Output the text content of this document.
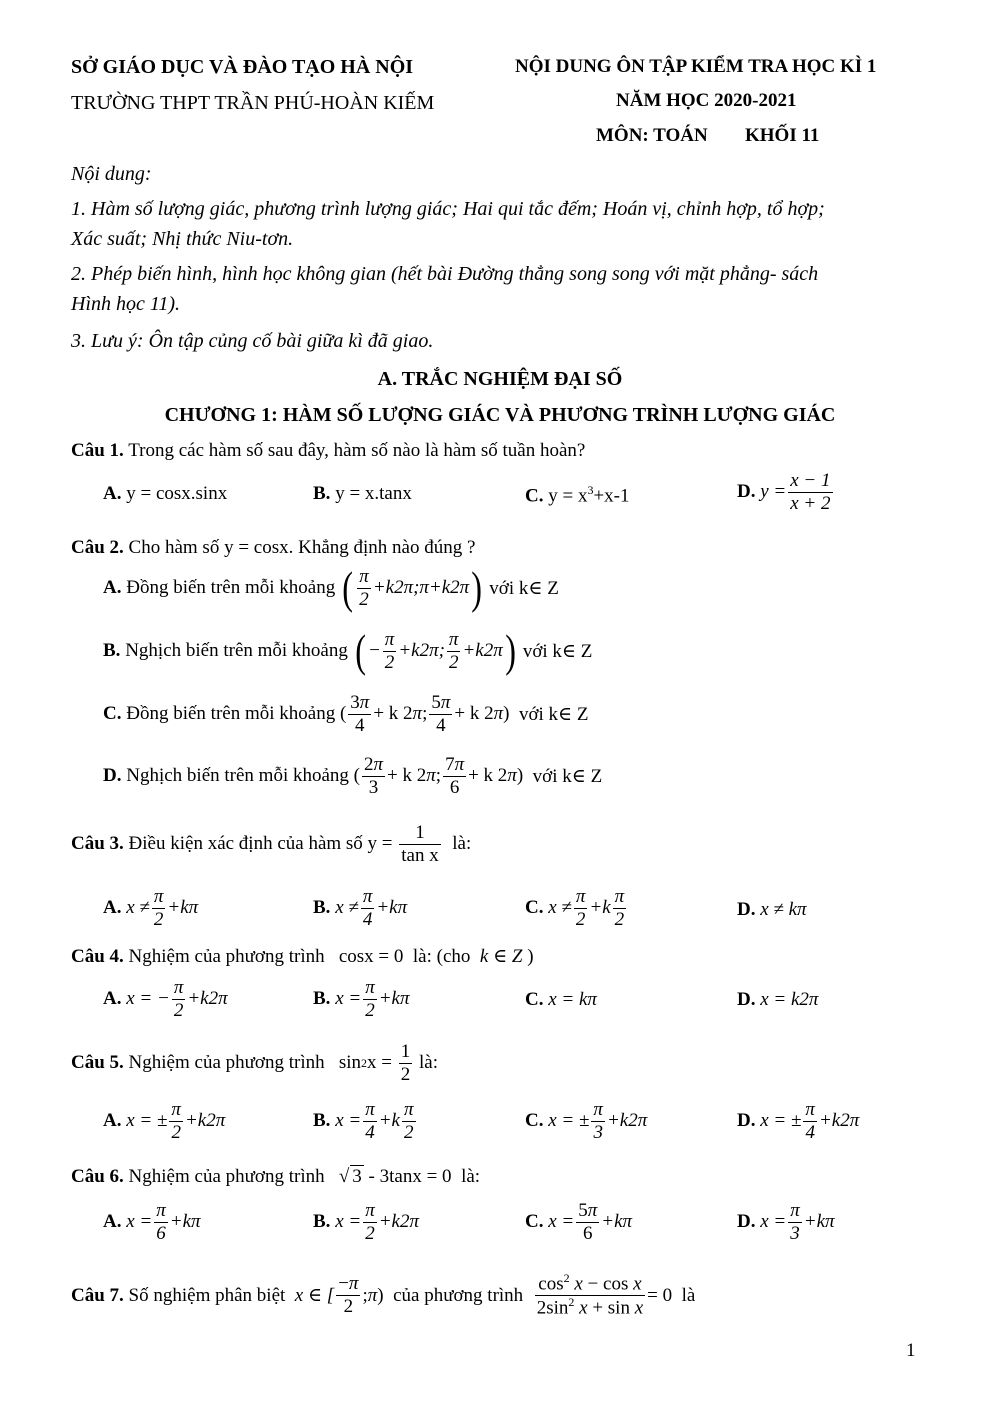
SỞ GIÁO DỤC VÀ ĐÀO TẠO HÀ NỘI
TRƯỜNG THPT TRẦN PHÚ-HOÀN KIẾM
NỘI DUNG ÔN TẬP KIỂM TRA HỌC KÌ 1
NĂM HỌC 2020-2021
MÔN: TOÁN KHỐI 11
Nội dung:
1. Hàm số lượng giác, phương trình lượng giác; Hai qui tắc đếm; Hoán vị, chỉnh hợp, tổ hợp;
Xác suất; Nhị thức Niu-tơn.
2. Phép biến hình, hình học không gian (hết bài Đường thẳng song song với mặt phẳng- sách
Hình học 11).
3. Lưu ý: Ôn tập củng cố bài giữa kì đã giao.
A. TRẮC NGHIỆM ĐẠI SỐ
CHƯƠNG 1: HÀM SỐ LƯỢNG GIÁC VÀ PHƯƠNG TRÌNH LƯỢNG GIÁC
Câu 1. Trong các hàm số sau đây, hàm số nào là hàm số tuần hoàn?
A. y = cosx.sinx	B. y = x.tanx	C. $y = x^3+x-1$	D. $y = \frac{x - 1}{x + 2}$
Câu 2. Cho hàm số y = cosx. Khẳng định nào đúng ?
A. Đồng biến trên mỗi khoảng
( $\frac{\pi}{2}$ +k2π;π+k2π )
với k∈ Z
B. Nghịch biến trên mỗi khoảng
( − $\frac{\pi}{2} +k2\pi$; $\frac{\pi}{2} +k2\pi$ )
với k∈ Z
C. Đồng biến trên mỗi khoảng ( $\frac{3\pi}{4} + k$ 2 π ; $\frac{5\pi}{4} + k$ 2 π ) với k∈ Z
D. Nghịch biến trên mỗi khoảng ( $\frac{2\pi}{3} + k$ 2 π ; $\frac{7\pi}{6} + k$ 2 π ) với k∈ Z
Câu 3.
Điều kiện xác định của hàm số y =
$\frac{1}{\text{tan x}}$
là:
A. $x \ne \frac{\pi}{2} +k\pi$	B. $x \ne \frac{\pi}{4} +k\pi$	C. $x \ne \frac{\pi}{2} +k \frac{\pi}{2}$	D. x ≠ kπ
Câu 4. Nghiệm của phương trình cosx = 0 là: (cho k ∈ Z )
A. x = − $\frac{\pi}{2} +k2\pi$	B. $x = \frac{\pi}{2} +k\pi$	C. x = kπ	D. x = k2π
Câu 5.
Nghiệm của phương trình
sin 2 x =
$\frac{1}{2}$
là:
A. x = ± $\frac{\pi}{2} +k2\pi$	B. $x = \frac{\pi}{4} +k \frac{\pi}{2}$	C. x = ± $\frac{\pi}{3} +k2\pi$	D. x = ± $\frac{\pi}{4} +k2\pi$
Câu 6. Nghiệm của phương trình   √ 3 - 3tanx = 0 là:
A. $x = \frac{\pi}{6} +k\pi$	B. $x = \frac{\pi}{2} +k2\pi$	C. $x = \frac{5\pi}{6} +k\pi$	D. $x = \frac{\pi}{3} +k\pi$
Câu 7.
Số nghiệm phân biệt
x ∈ [ $\frac{-\pi}{2}$ ;π)
của phương trình
$\frac{\cos^2 x - \cos x}{2\sin^2 x + \sin x} = 0$ là
1
